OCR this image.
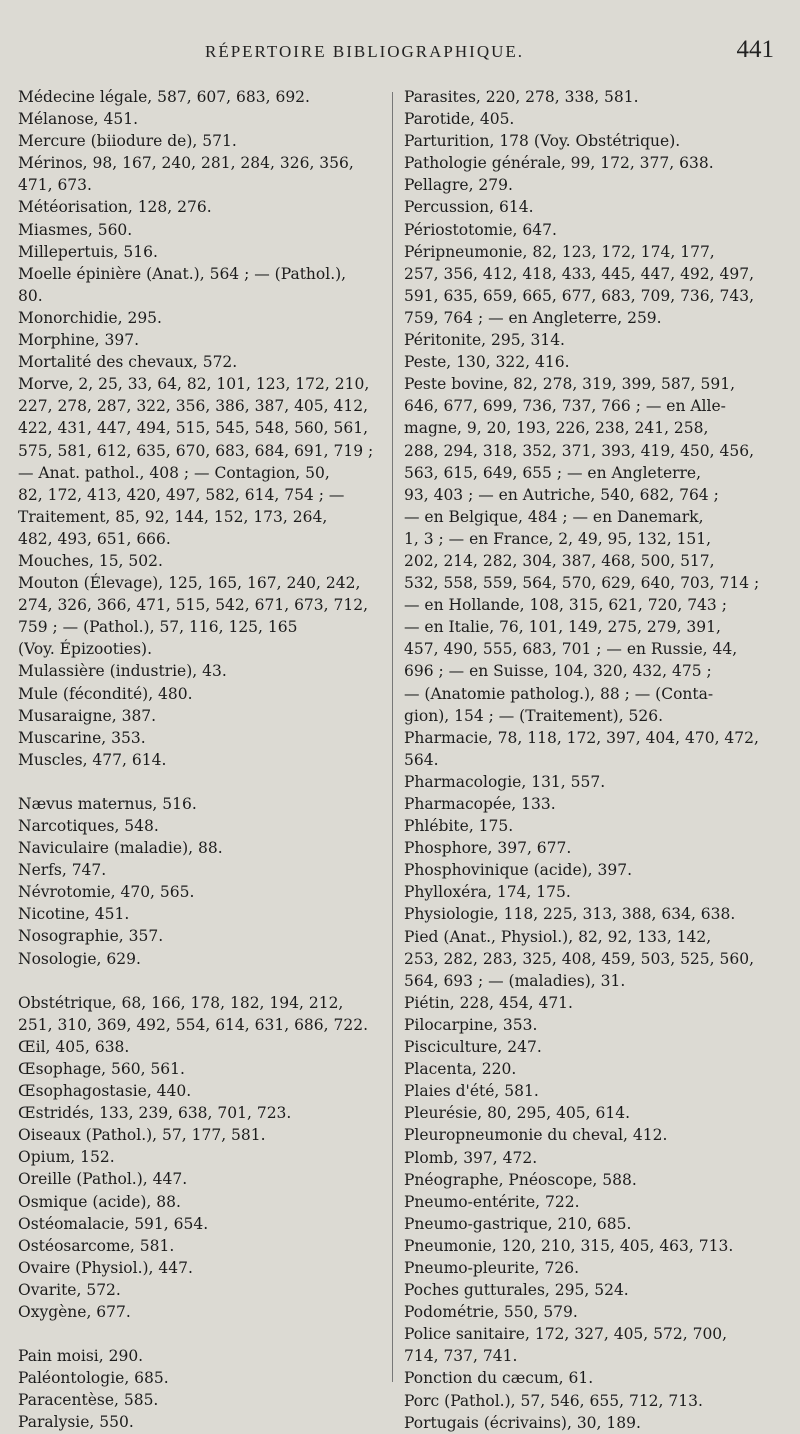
RÉPERTOIRE BIBLIOGRAPHIQUE.	441

Médecine légale, 587, 607, 683, 692.

Mélanose, 451.

Mercure (biiodure de), 571.

Mérinos, 98, 167, 240, 281, 284, 326, 356,
471, 673.

Météorisation, 128, 276.

Miasmes, 560.

Millepertuis, 516.

Moelle épinière (Anat.), 564 ; — (Pathol.),
80.

Monorchidie, 295.

Morphine, 397.

Mortalité des chevaux, 572.

Morve, 2, 25, 33, 64, 82, 101, 123, 172, 210,
227, 278, 287, 322, 356, 386, 387, 405, 412,
422, 431, 447, 494, 515, 545, 548, 560, 561,
575, 581, 612, 635, 670, 683, 684, 691, 719 ;
— Anat. pathol., 408 ; — Contagion, 50,
82, 172, 413, 420, 497, 582, 614, 754 ; —
Traitement, 85, 92, 144, 152, 173, 264,
482, 493, 651, 666.

Mouches, 15, 502.

Mouton (Élevage), 125, 165, 167, 240, 242,
274, 326, 366, 471, 515, 542, 671, 673, 712,
759 ; — (Pathol.), 57, 116, 125, 165
(Voy. Épizooties).

Mulassière (industrie), 43.

Mule (fécondité), 480.

Musaraigne, 387.

Muscarine, 353.

Muscles, 477, 614.

Nævus maternus, 516.

Narcotiques, 548.

Naviculaire (maladie), 88.

Nerfs, 747.

Névrotomie, 470, 565.

Nicotine, 451.

Nosographie, 357.

Nosologie, 629.

Obstétrique, 68, 166, 178, 182, 194, 212,
251, 310, 369, 492, 554, 614, 631, 686, 722.

Œil, 405, 638.

Œsophage, 560, 561.

Œsophagostasie, 440.

Œstridés, 133, 239, 638, 701, 723.

Oiseaux (Pathol.), 57, 177, 581.

Opium, 152.

Oreille (Pathol.), 447.

Osmique (acide), 88.

Ostéomalacie, 591, 654.

Ostéosarcome, 581.

Ovaire (Physiol.), 447.

Ovarite, 572.

Oxygène, 677.

Pain moisi, 290.

Paléontologie, 685.

Paracentèse, 585.

Paralysie, 550.

Parasites, 220, 278, 338, 581.

Parotide, 405.

Parturition, 178 (Voy. Obstétrique).

Pathologie générale, 99, 172, 377, 638.

Pellagre, 279.

Percussion, 614.

Périostotomie, 647.

Péripneumonie, 82, 123, 172, 174, 177,
257, 356, 412, 418, 433, 445, 447, 492, 497,
591, 635, 659, 665, 677, 683, 709, 736, 743,
759, 764 ; — en Angleterre, 259.

Péritonite, 295, 314.

Peste, 130, 322, 416.

Peste bovine, 82, 278, 319, 399, 587, 591,
646, 677, 699, 736, 737, 766 ; — en Alle-
magne, 9, 20, 193, 226, 238, 241, 258,
288, 294, 318, 352, 371, 393, 419, 450, 456,
563, 615, 649, 655 ; — en Angleterre,
93, 403 ; — en Autriche, 540, 682, 764 ;
— en Belgique, 484 ; — en Danemark,
1, 3 ; — en France, 2, 49, 95, 132, 151,
202, 214, 282, 304, 387, 468, 500, 517,
532, 558, 559, 564, 570, 629, 640, 703, 714 ;
— en Hollande, 108, 315, 621, 720, 743 ;
— en Italie, 76, 101, 149, 275, 279, 391,
457, 490, 555, 683, 701 ; — en Russie, 44,
696 ; — en Suisse, 104, 320, 432, 475 ;
— (Anatomie patholog.), 88 ; — (Conta-
gion), 154 ; — (Traitement), 526.

Pharmacie, 78, 118, 172, 397, 404, 470, 472,
564.

Pharmacologie, 131, 557.

Pharmacopée, 133.

Phlébite, 175.

Phosphore, 397, 677.

Phosphovinique (acide), 397.

Phylloxéra, 174, 175.

Physiologie, 118, 225, 313, 388, 634, 638.

Pied (Anat., Physiol.), 82, 92, 133, 142,
253, 282, 283, 325, 408, 459, 503, 525, 560,
564, 693 ; — (maladies), 31.

Piétin, 228, 454, 471.

Pilocarpine, 353.

Pisciculture, 247.

Placenta, 220.

Plaies d'été, 581.

Pleurésie, 80, 295, 405, 614.

Pleuropneumonie du cheval, 412.

Plomb, 397, 472.

Pnéographe, Pnéoscope, 588.

Pneumo-entérite, 722.

Pneumo-gastrique, 210, 685.

Pneumonie, 120, 210, 315, 405, 463, 713.

Pneumo-pleurite, 726.

Poches gutturales, 295, 524.

Podométrie, 550, 579.

Police sanitaire, 172, 327, 405, 572, 700,
714, 737, 741.

Ponction du cæcum, 61.

Porc (Pathol.), 57, 546, 655, 712, 713.

Portugais (écrivains), 30, 189.
